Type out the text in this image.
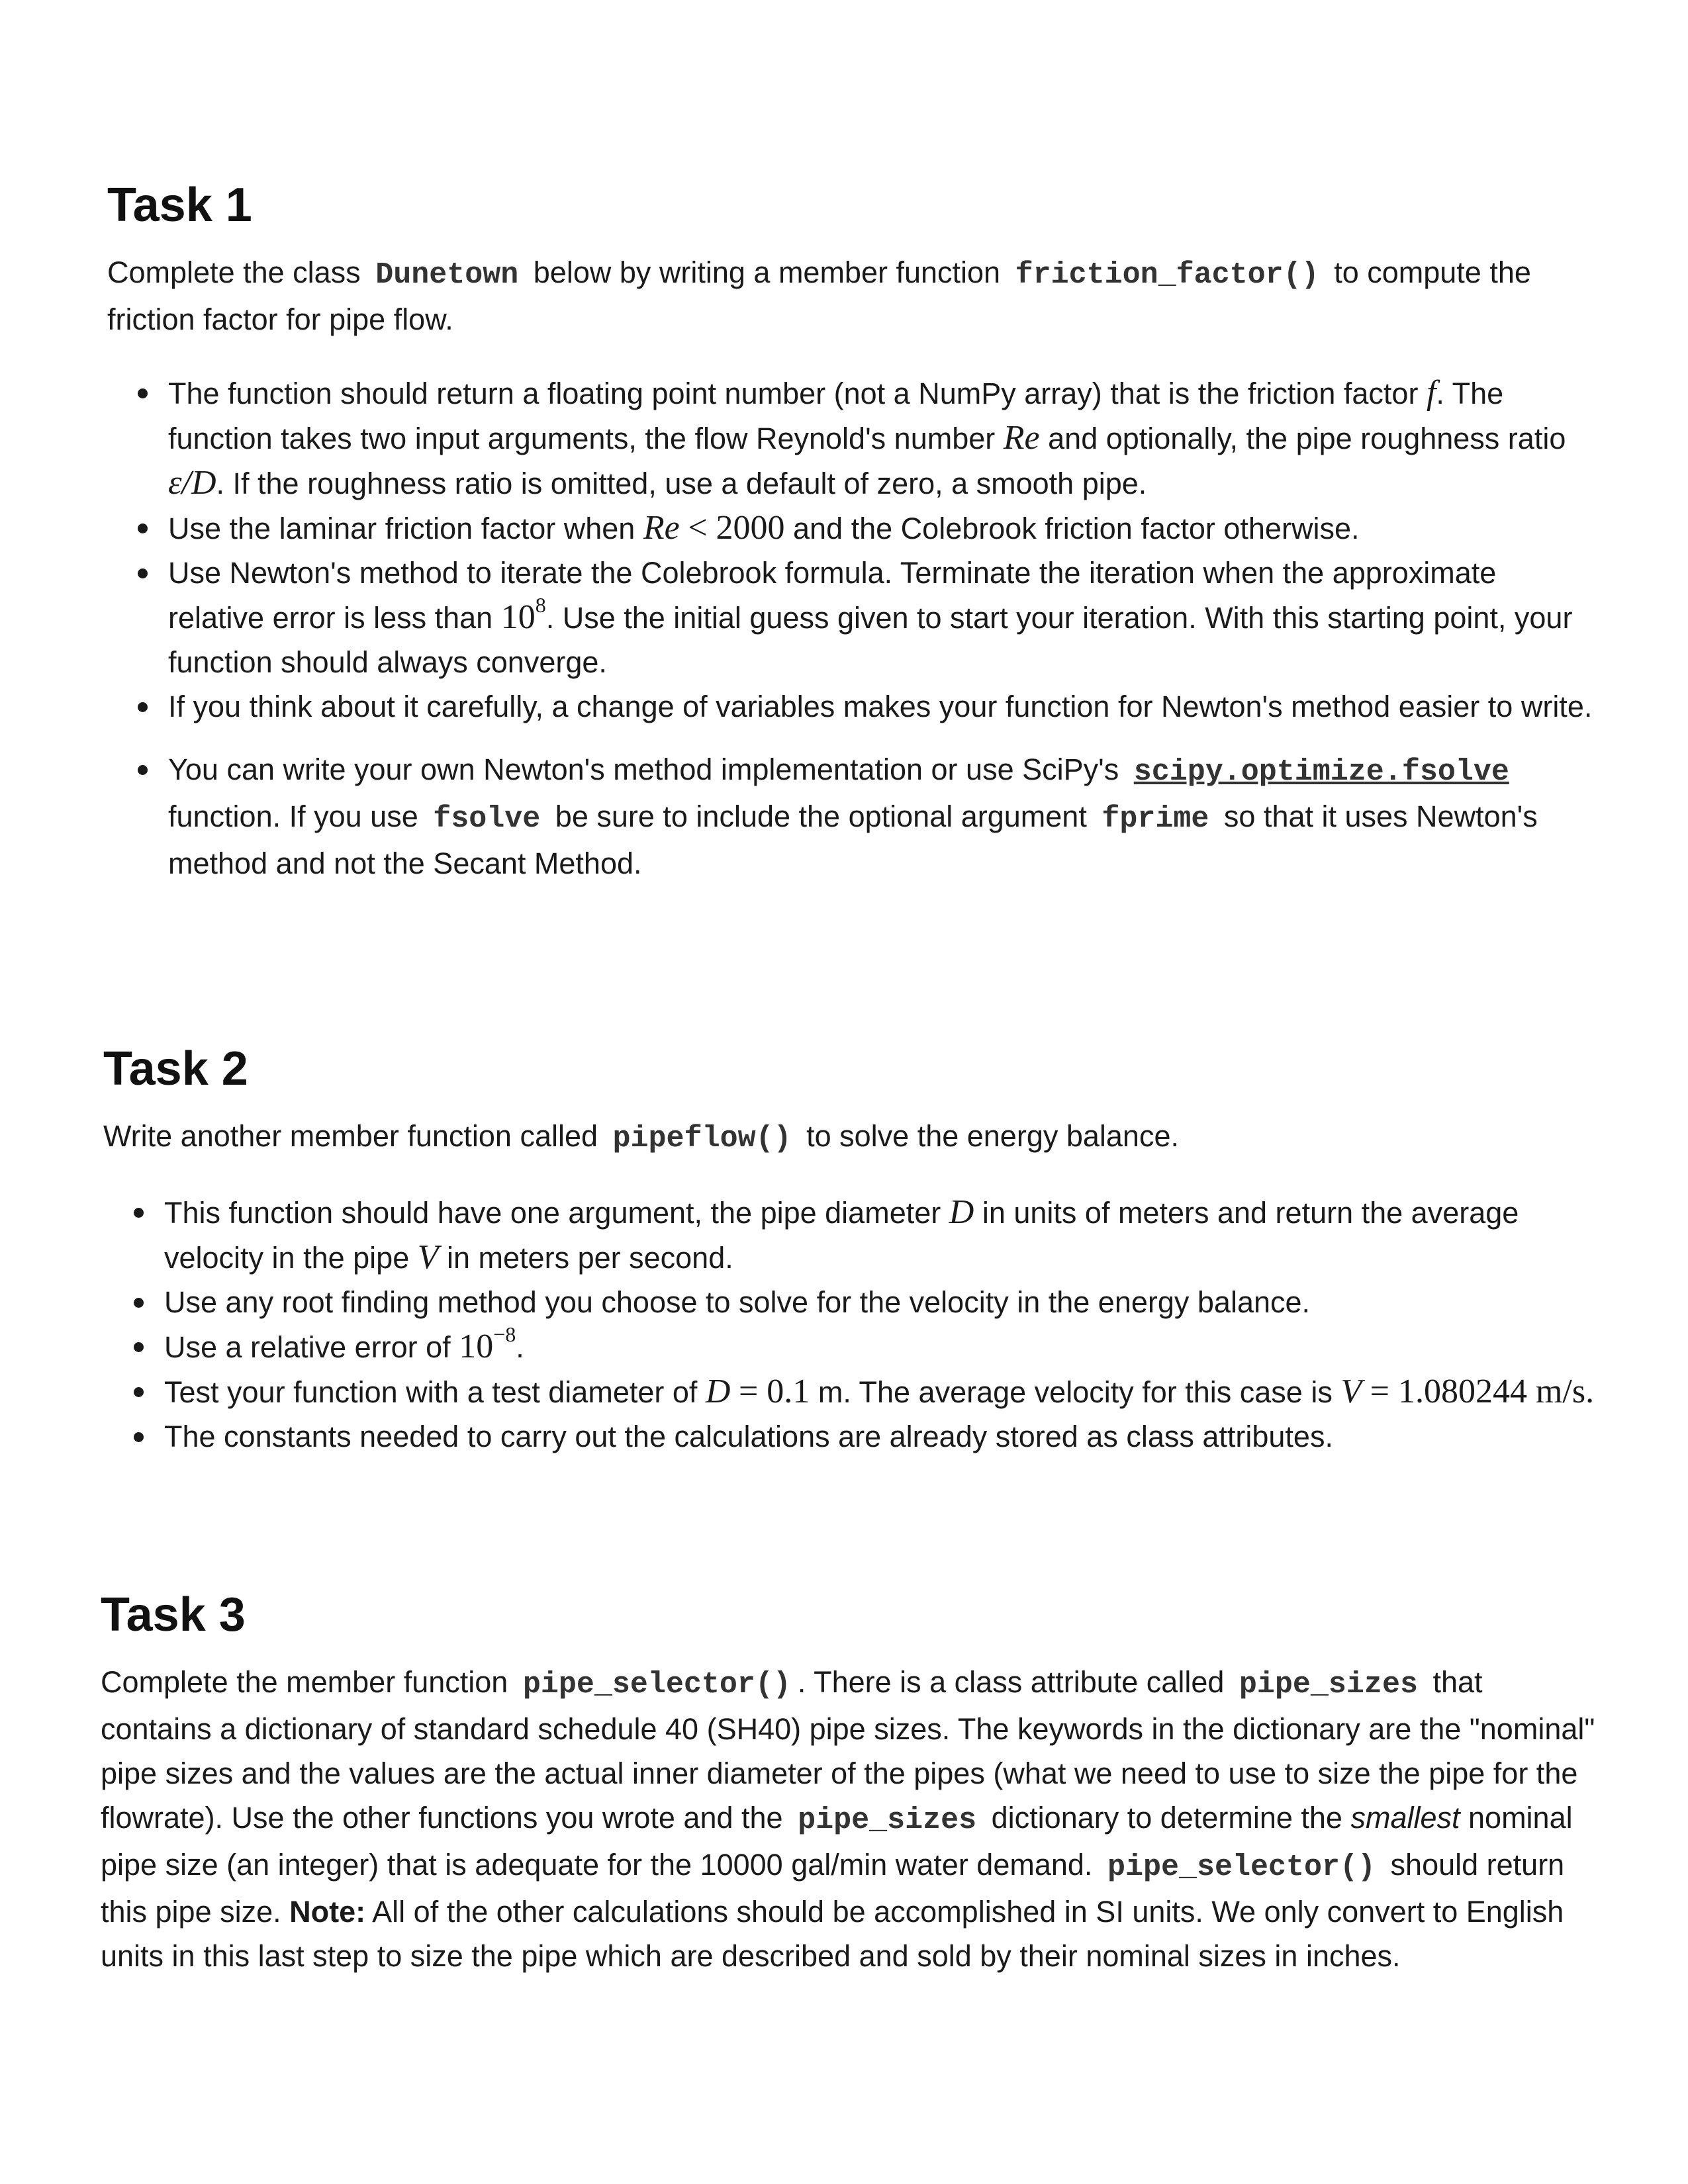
Task 1

Complete the class Dunetown below by writing a member function friction_factor() to compute the friction factor for pipe flow.

The function should return a floating point number (not a NumPy array) that is the friction factor f. The function takes two input arguments, the flow Reynold's number Re and optionally, the pipe roughness ratio ε/D. If the roughness ratio is omitted, use a default of zero, a smooth pipe.
Use the laminar friction factor when Re < 2000 and the Colebrook friction factor otherwise.
Use Newton's method to iterate the Colebrook formula. Terminate the iteration when the approximate relative error is less than $10^8$. Use the initial guess given to start your iteration. With this starting point, your function should always converge.
If you think about it carefully, a change of variables makes your function for Newton's method easier to write.
You can write your own Newton's method implementation or use SciPy's scipy.optimize.fsolve function. If you use fsolve be sure to include the optional argument fprime so that it uses Newton's method and not the Secant Method.
Task 2

Write another member function called pipeflow() to solve the energy balance.

This function should have one argument, the pipe diameter D in units of meters and return the average velocity in the pipe V in meters per second.
Use any root finding method you choose to solve for the velocity in the energy balance.
Use a relative error of $10^{-8}$.
Test your function with a test diameter of D = 0.1 m. The average velocity for this case is V = 1.080244 m/s.
The constants needed to carry out the calculations are already stored as class attributes.
Task 3

Complete the member function pipe_selector() . There is a class attribute called pipe_sizes that contains a dictionary of standard schedule 40 (SH40) pipe sizes. The keywords in the dictionary are the "nominal" pipe sizes and the values are the actual inner diameter of the pipes (what we need to use to size the pipe for the flowrate). Use the other functions you wrote and the pipe_sizes dictionary to determine the smallest nominal pipe size (an integer) that is adequate for the 10000 gal/min water demand. pipe_selector() should return this pipe size. Note: All of the other calculations should be accomplished in SI units. We only convert to English units in this last step to size the pipe which are described and sold by their nominal sizes in inches.
